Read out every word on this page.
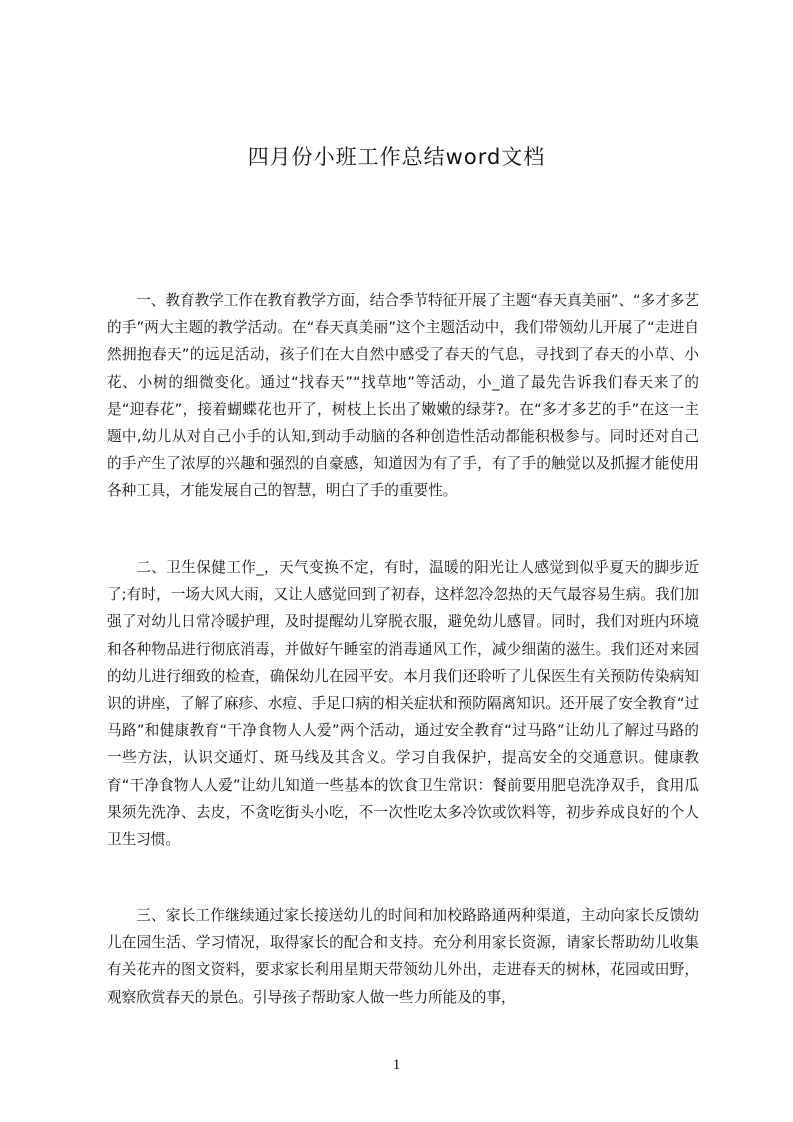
四月份小班工作总结word文档

一、教育教学工作在教育教学方面，结合季节特征开展了主题“春天真美丽”、“多才多艺的手”两大主题的教学活动。在“春天真美丽”这个主题活动中，我们带领幼儿开展了“走进自然拥抱春天”的远足活动，孩子们在大自然中感受了春天的气息，寻找到了春天的小草、小花、小树的细微变化。通过“找春天”“找草地”等活动，小_道了最先告诉我们春天来了的是“迎春花”，接着蝴蝶花也开了，树枝上长出了嫩嫩的绿芽?。在“多才多艺的手”在这一主题中,幼儿从对自己小手的认知,到动手动脑的各种创造性活动都能积极参与。同时还对自己的手产生了浓厚的兴趣和强烈的自豪感，知道因为有了手，有了手的触觉以及抓握才能使用各种工具，才能发展自己的智慧，明白了手的重要性。

二、卫生保健工作_，天气变换不定，有时，温暖的阳光让人感觉到似乎夏天的脚步近了;有时，一场大风大雨，又让人感觉回到了初春，这样忽冷忽热的天气最容易生病。我们加强了对幼儿日常冷暖护理，及时提醒幼儿穿脱衣服，避免幼儿感冒。同时，我们对班内环境和各种物品进行彻底消毒，并做好午睡室的消毒通风工作，减少细菌的滋生。我们还对来园的幼儿进行细致的检查，确保幼儿在园平安。本月我们还聆听了儿保医生有关预防传染病知识的讲座，了解了麻疹、水痘、手足口病的相关症状和预防隔离知识。还开展了安全教育“过马路”和健康教育“干净食物人人爱”两个活动，通过安全教育“过马路”让幼儿了解过马路的一些方法，认识交通灯、斑马线及其含义。学习自我保护，提高安全的交通意识。健康教育“干净食物人人爱”让幼儿知道一些基本的饮食卫生常识：餐前要用肥皂洗净双手，食用瓜果须先洗净、去皮，不贪吃街头小吃，不一次性吃太多冷饮或饮料等，初步养成良好的个人卫生习惯。

三、家长工作继续通过家长接送幼儿的时间和加校路路通两种渠道，主动向家长反馈幼儿在园生活、学习情况，取得家长的配合和支持。充分利用家长资源，请家长帮助幼儿收集有关花卉的图文资料，要求家长利用星期天带领幼儿外出，走进春天的树林，花园或田野，观察欣赏春天的景色。引导孩子帮助家人做一些力所能及的事，

1
